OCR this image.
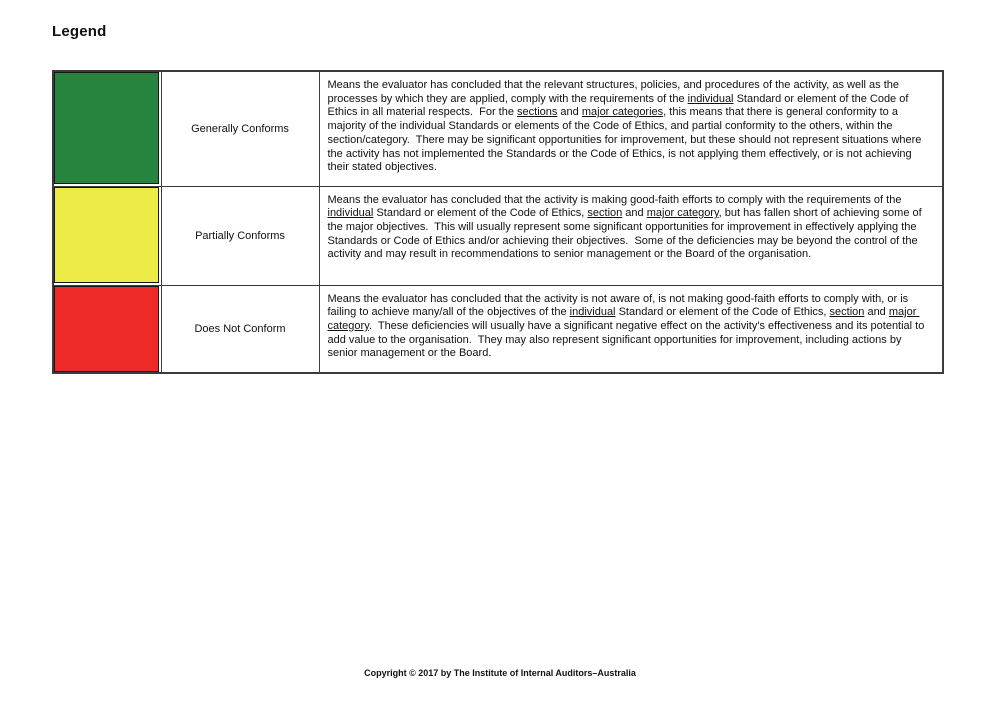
Legend
	Generally Conforms	Means the evaluator has concluded that the relevant structures, policies, and procedures of the activity, as well as the processes by which they are applied, comply with the requirements of the individual Standard or element of the Code of Ethics in all material respects.  For the sections and major categories, this means that there is general conformity to a majority of the individual Standards or elements of the Code of Ethics, and partial conformity to the others, within the section/category.  There may be significant opportunities for improvement, but these should not represent situations where the activity has not implemented the Standards or the Code of Ethics, is not applying them effectively, or is not achieving their stated objectives.

	Partially Conforms	Means the evaluator has concluded that the activity is making good-faith efforts to comply with the requirements of the individual Standard or element of the Code of Ethics, section and major category, but has fallen short of achieving some of the major objectives.  This will usually represent some significant opportunities for improvement in effectively applying the Standards or Code of Ethics and/or achieving their objectives.  Some of the deficiencies may be beyond the control of the activity and may result in recommendations to senior management or the Board of the organisation.

	Does Not Conform	Means the evaluator has concluded that the activity is not aware of, is not making good-faith efforts to comply with, or is failing to achieve many/all of the objectives of the individual Standard or element of the Code of Ethics, section and major category.  These deficiencies will usually have a significant negative effect on the activity's effectiveness and its potential to add value to the organisation.  They may also represent significant opportunities for improvement, including actions by senior management or the Board.
Copyright © 2017 by The Institute of Internal Auditors–Australia
